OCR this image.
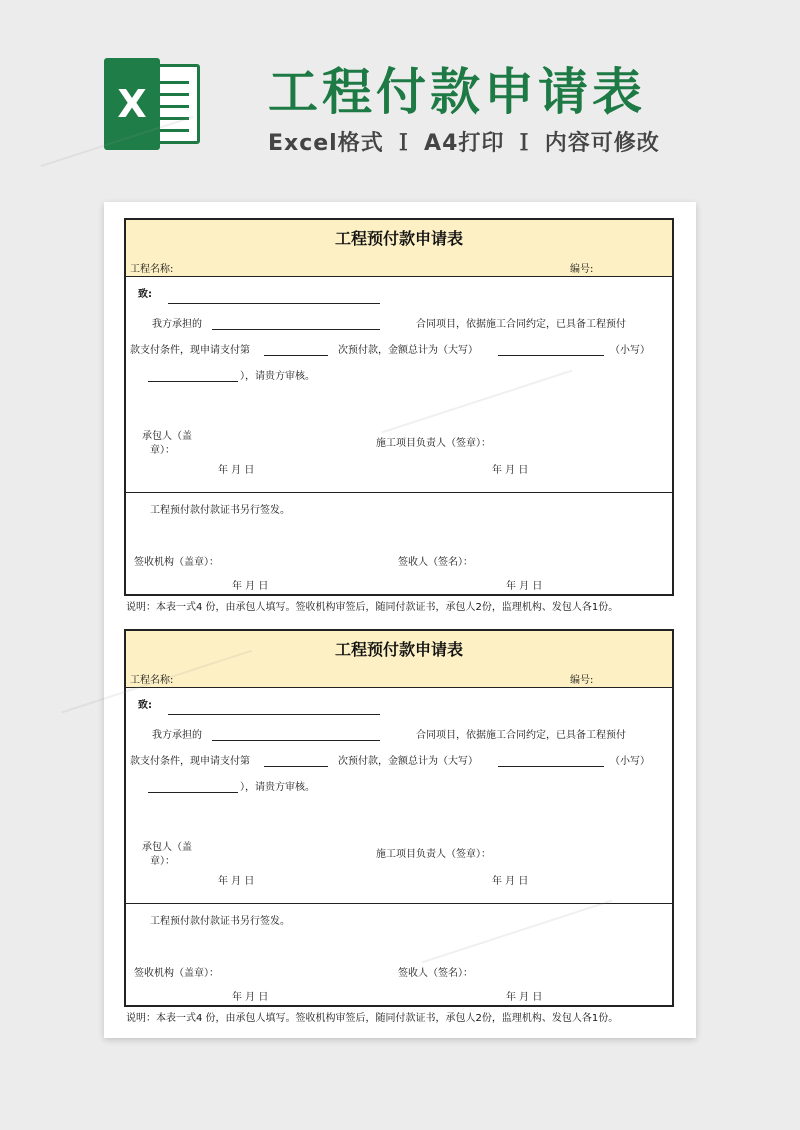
X 工程付款申请表
Excel格式 Ｉ A4打印 Ｉ 内容可修改
工程预付款申请表
工程名称:	编号:
致:
我方承担的	合同项目，依据施工合同约定，已具备工程预付
款支付条件，现申请支付第	次预付款，金额总计为（大写）	（小写）
），请贵方审核。
承包人（盖
章）：
施工项目负责人（签章）：
年 月 日	年 月 日
工程预付款付款证书另行签发。
签收机构（盖章）：	签收人（签名）：
年 月 日	年 月 日
说明：本表一式4 份，由承包人填写。签收机构审签后，随同付款证书，承包人2份，监理机构、发包人各1份。
工程预付款申请表
工程名称:	编号:
致:
我方承担的	合同项目，依据施工合同约定，已具备工程预付
款支付条件，现申请支付第	次预付款，金额总计为（大写）	（小写）
），请贵方审核。
承包人（盖
章）：
施工项目负责人（签章）：
年 月 日	年 月 日
工程预付款付款证书另行签发。
签收机构（盖章）：	签收人（签名）：
年 月 日	年 月 日
说明：本表一式4 份，由承包人填写。签收机构审签后，随同付款证书，承包人2份，监理机构、发包人各1份。
